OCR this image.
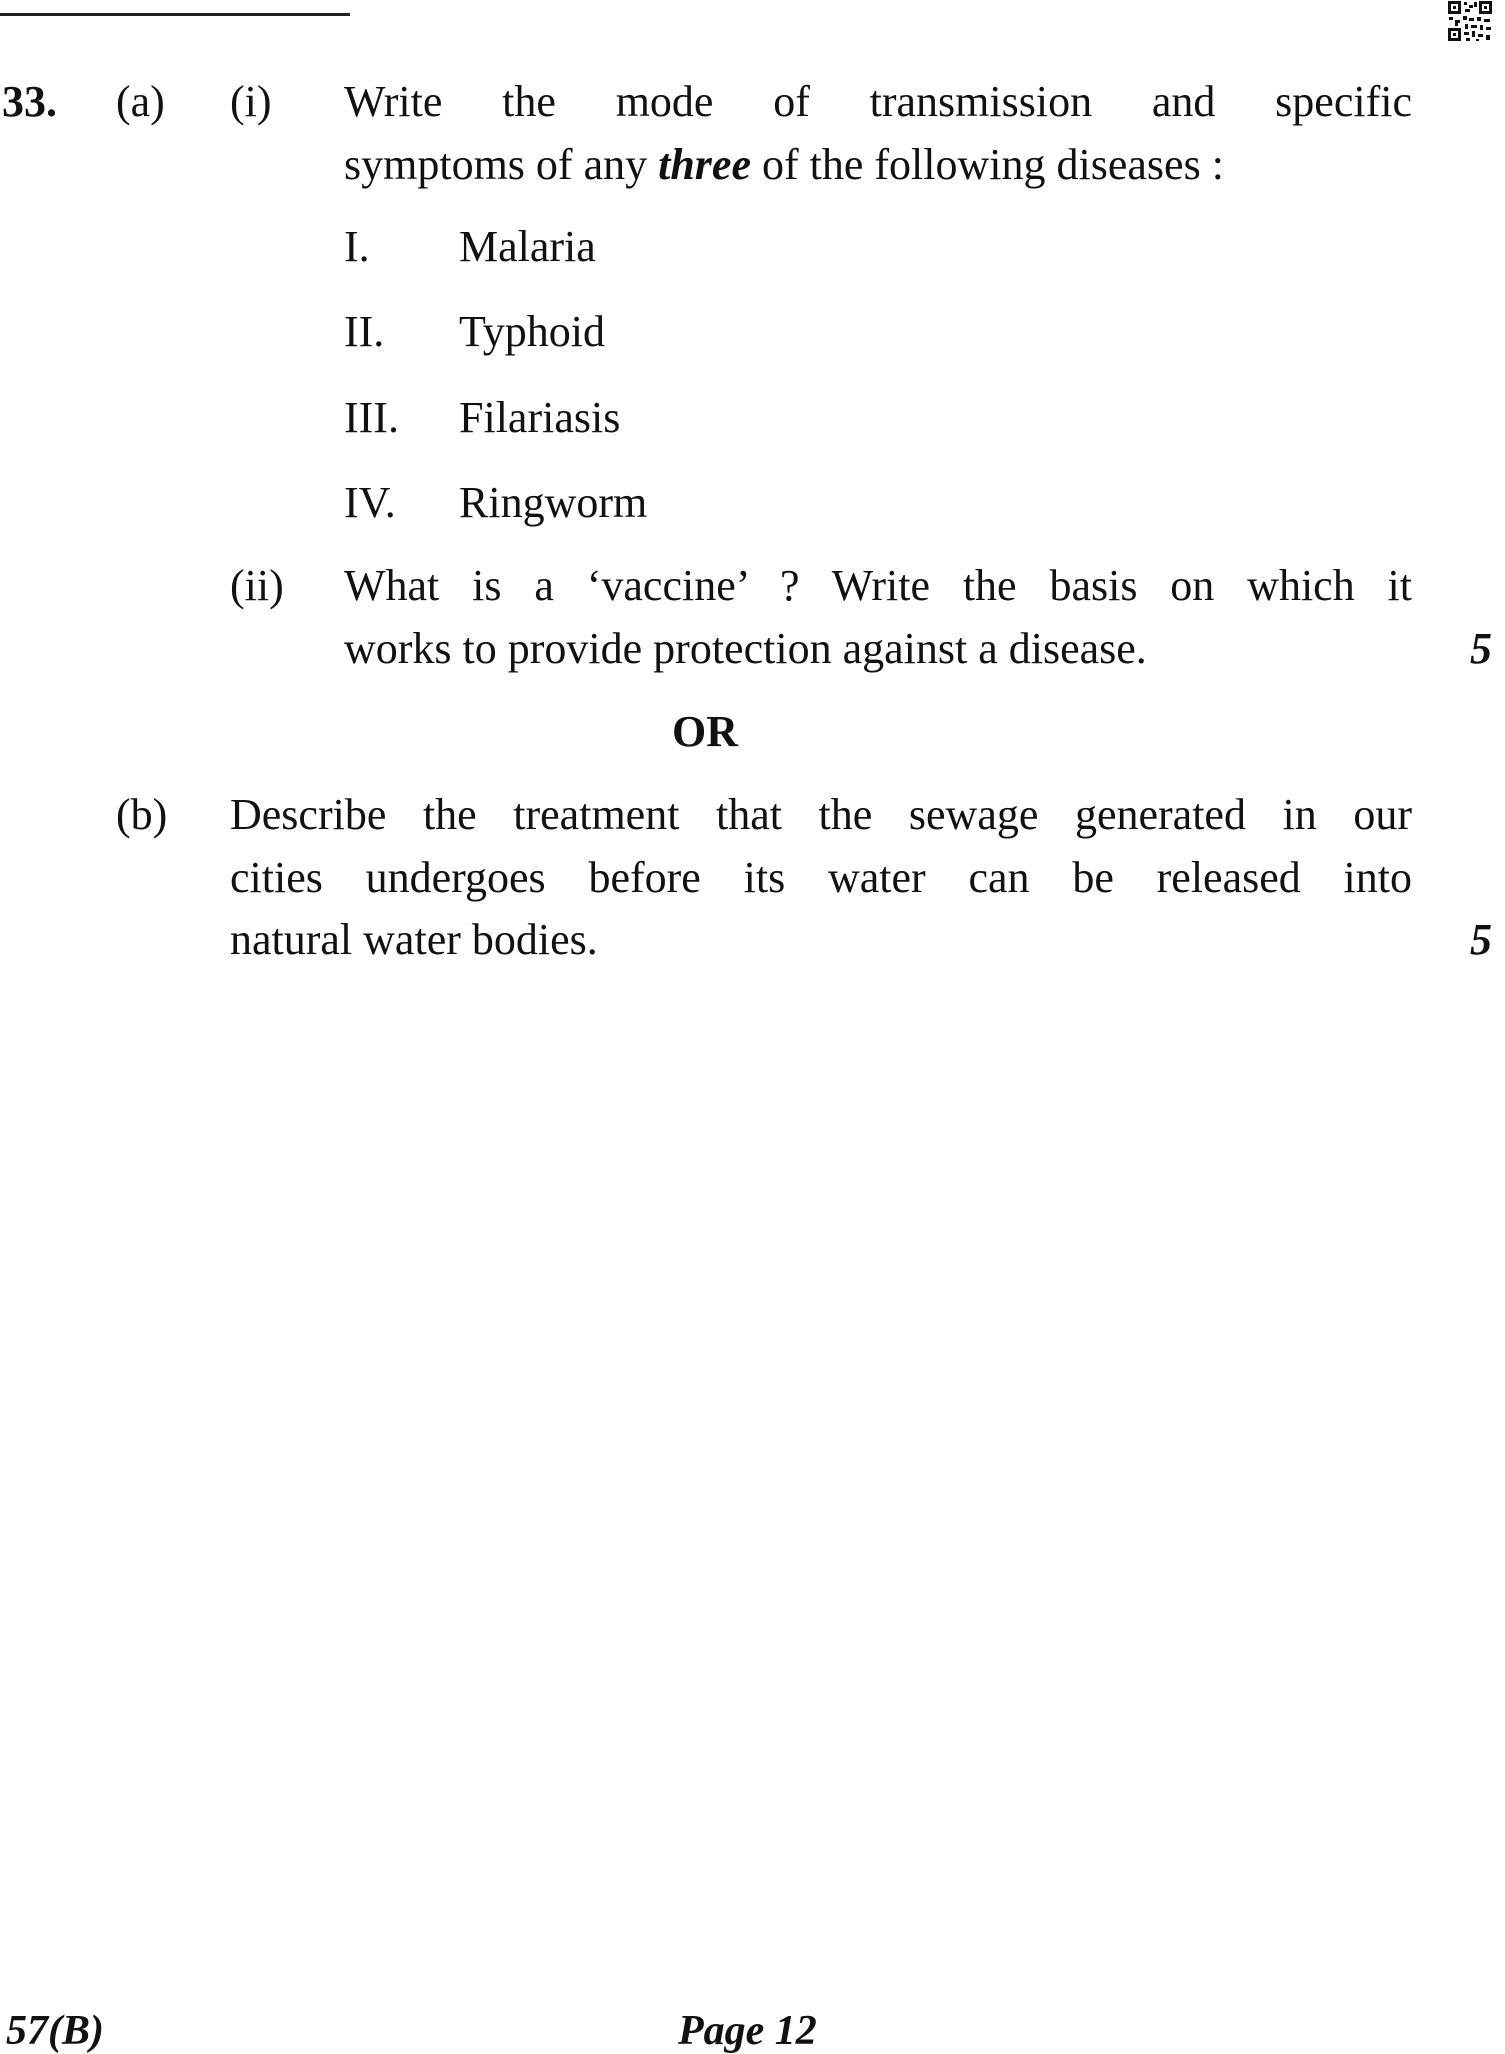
33. (a) (i) Write the mode of transmission and specific
symptoms of any three of the following diseases :
I. Malaria
II. Typhoid
III. Filariasis
IV. Ringworm
(ii) What is a ‘vaccine’ ? Write the basis on which it
works to provide protection against a disease.	5
OR
(b) Describe the treatment that the sewage generated in our
cities undergoes before its water can be released into
natural water bodies.	5
57(B)	Page 12
